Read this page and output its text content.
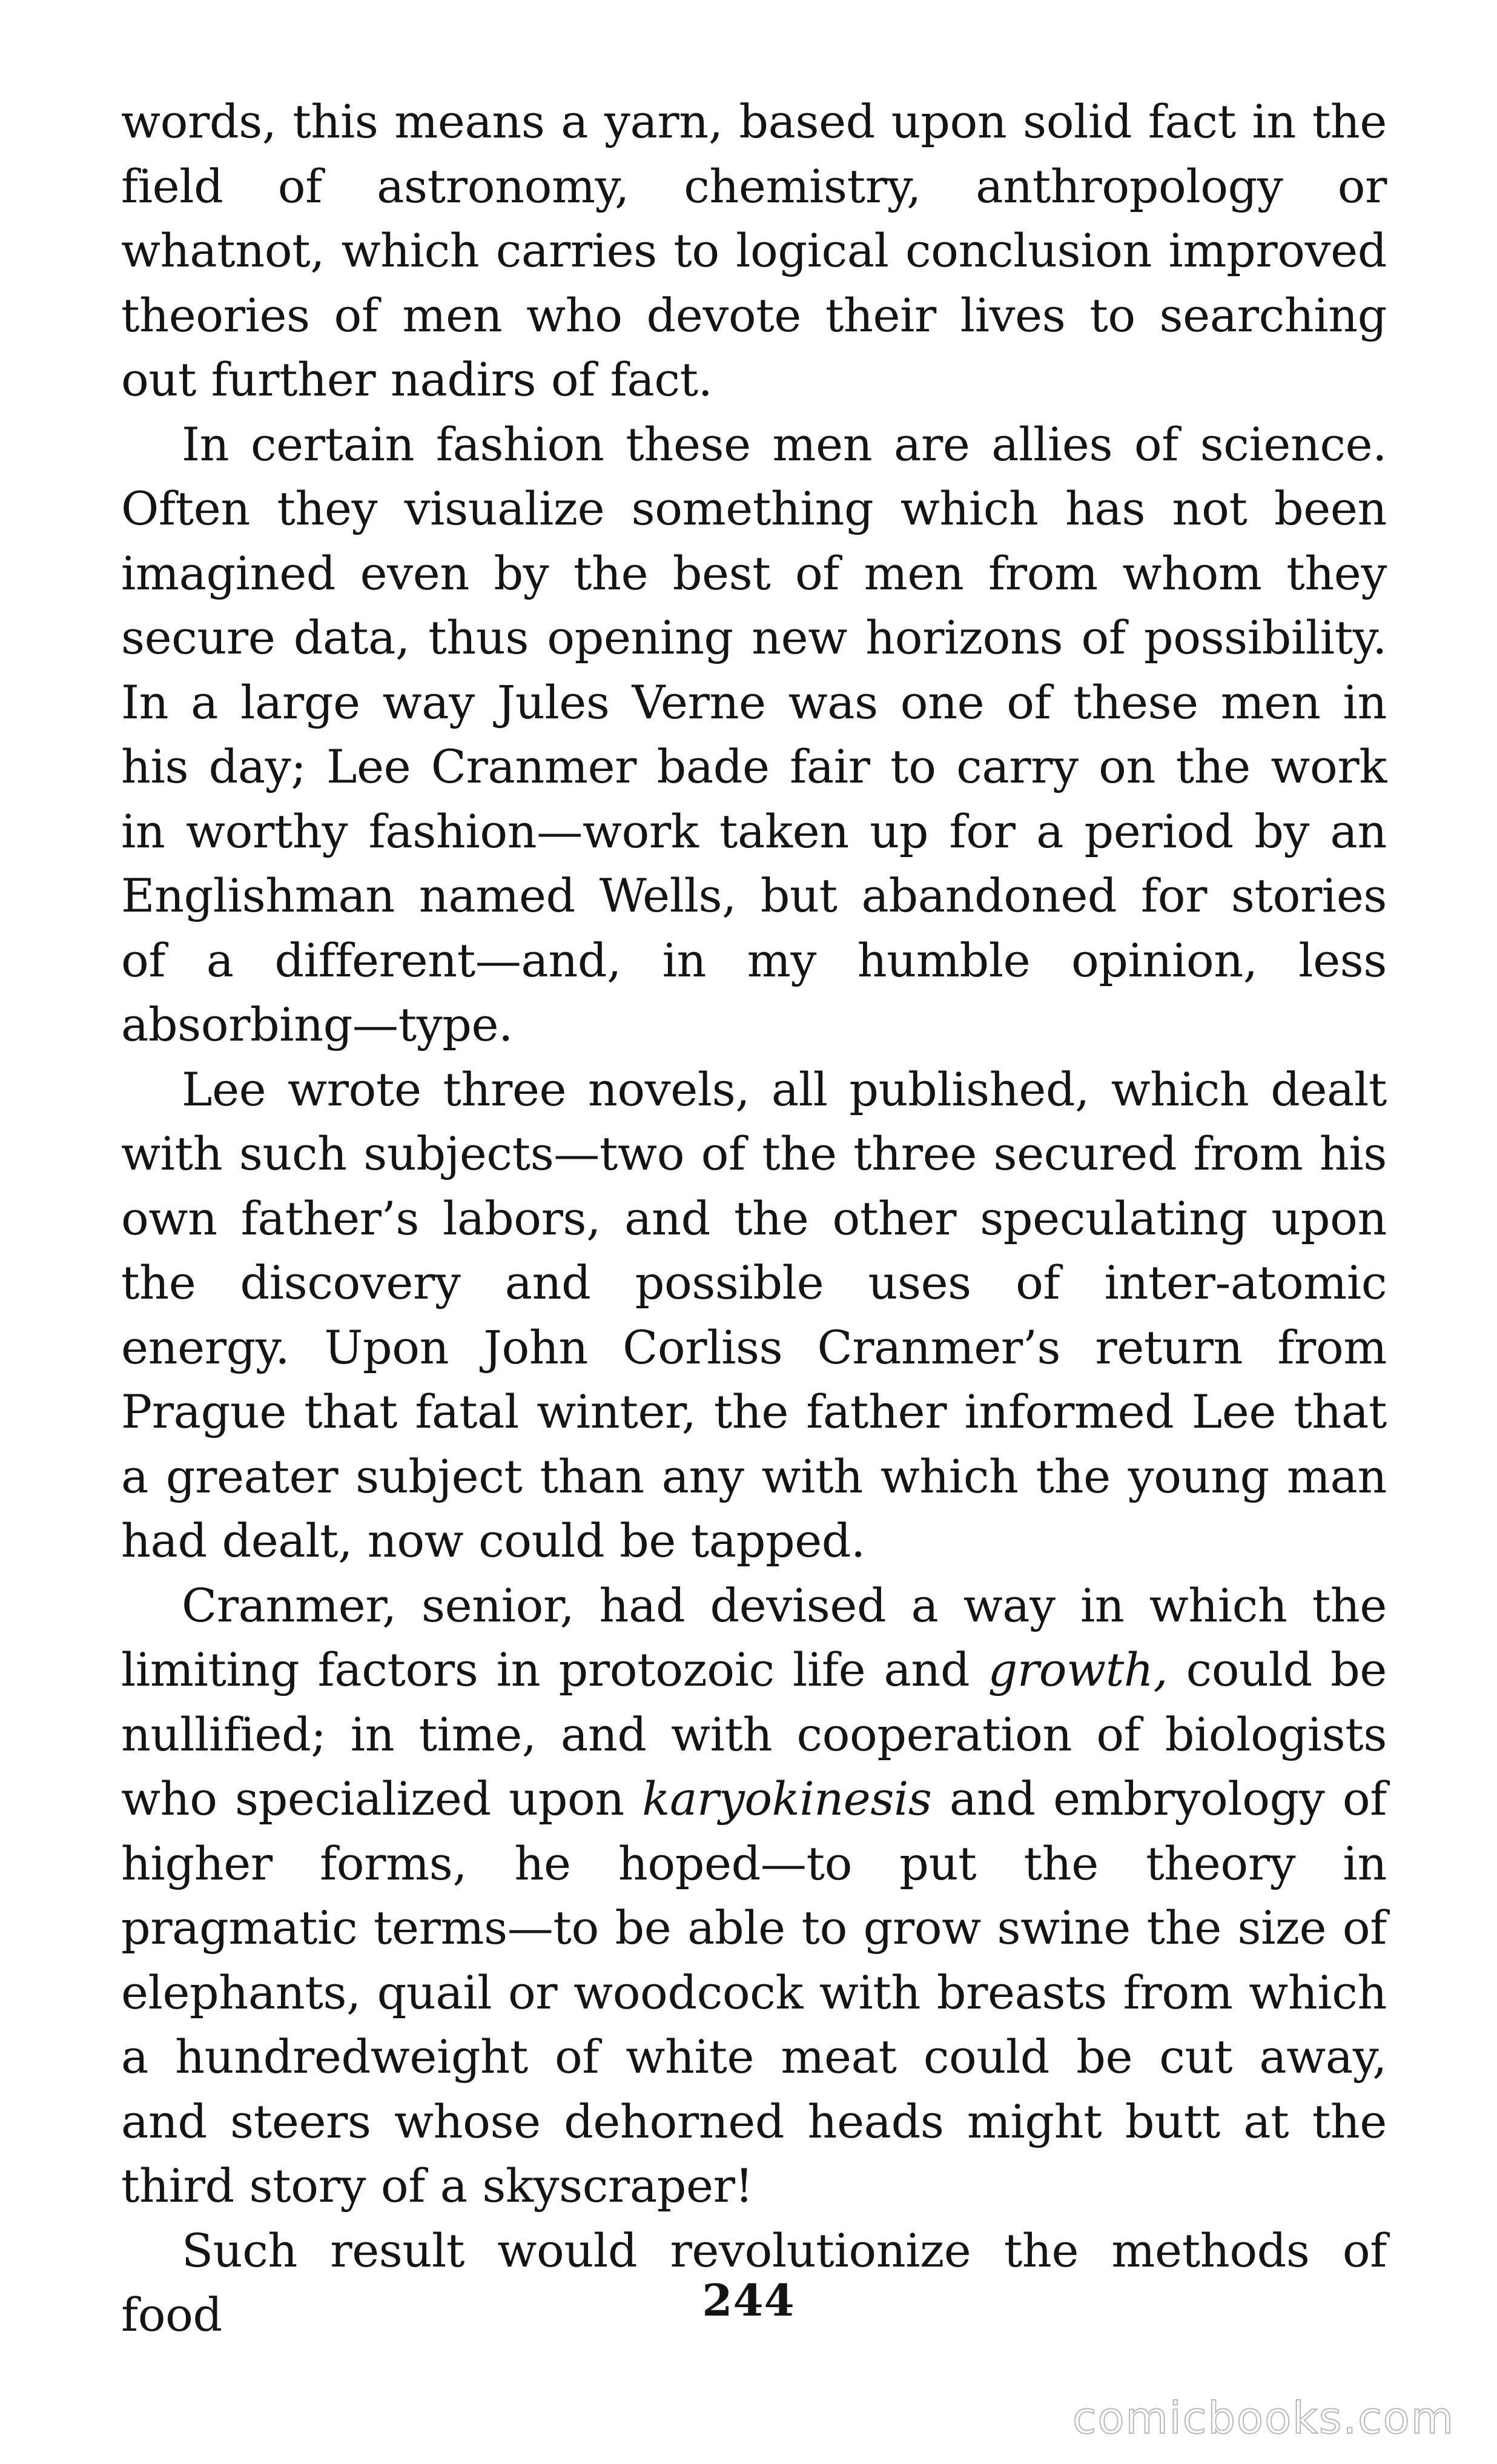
words, this means a yarn, based upon solid fact in the field of astronomy, chemistry, anthropology or whatnot, which carries to logical conclusion improved theories of men who devote their lives to searching out further nadirs of fact.

In certain fashion these men are allies of science. Often they visualize something which has not been imagined even by the best of men from whom they secure data, thus opening new horizons of possibility. In a large way Jules Verne was one of these men in his day; Lee Cranmer bade fair to carry on the work in worthy fashion—work taken up for a period by an Englishman named Wells, but abandoned for stories of a different—and, in my humble opinion, less absorbing—type.

Lee wrote three novels, all published, which dealt with such subjects—two of the three secured from his own father’s labors, and the other speculating upon the discovery and possible uses of inter-atomic energy. Upon John Corliss Cranmer’s return from Prague that fatal winter, the father informed Lee that a greater subject than any with which the young man had dealt, now could be tapped.

Cranmer, senior, had devised a way in which the limiting factors in protozoic life and growth, could be nullified; in time, and with cooperation of biologists who specialized upon karyokinesis and embryology of higher forms, he hoped—to put the theory in pragmatic terms—to be able to grow swine the size of elephants, quail or woodcock with breasts from which a hundredweight of white meat could be cut away, and steers whose dehorned heads might butt at the third story of a skyscraper!

Such result would revolutionize the methods of food	244
comicbooks.com
